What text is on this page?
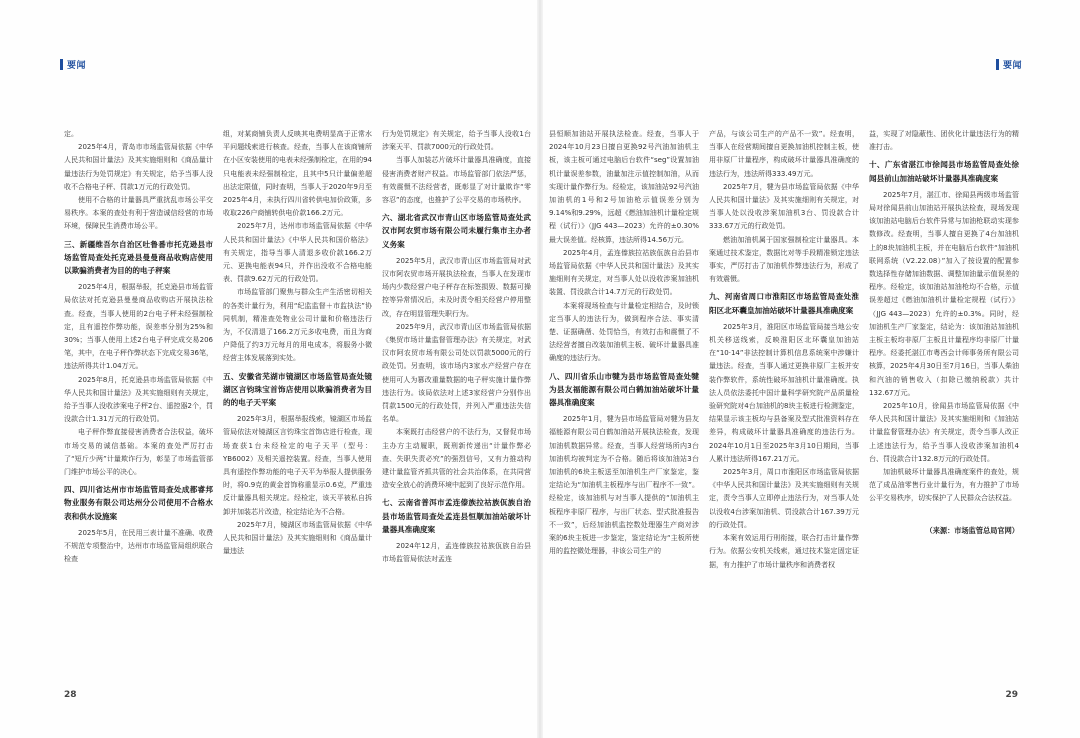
要闻
定。
2025年4月，青岛市市场监管局依据《中华人民共和国计量法》及其实施细则和《商品量计量违法行为处罚规定》有关规定，给予当事人没收不合格电子秤、罚款1万元的行政处罚。
使用不合格的计量器具严重扰乱市场公平交易秩序。本案的查处有利于营造诚信经营的市场环境，保障民生消费市场公平。
三、新疆维吾尔自治区吐鲁番市托克逊县市场监管局查处托克逊县曼曼商品收购店使用以欺骗消费者为目的的电子秤案
2025年4月，根据举报，托克逊县市场监管局依法对托克逊县曼曼商品收购店开展执法检查。经查，当事人使用的2台电子秤未经强制检定，且有遥控作弊功能，误差率分别为25%和30%；当事人使用上述2台电子秤完成交易206笔，其中，在电子秤作弊状态下完成交易36笔，违法所得共计1.04万元。
2025年8月，托克逊县市场监管局依据《中华人民共和国计量法》及其实施细则有关规定，给予当事人没收涉案电子秤2台、遥控器2个，罚没款合计1.31万元的行政处罚。
电子秤作弊直接侵害消费者合法权益，破坏市场交易的诚信基础。本案的查处严厉打击了“短斤少两”计量欺诈行为，彰显了市场监管部门维护市场公平的决心。
四、四川省达州市市场监管局查处成都睿邦物业服务有限公司达州分公司使用不合格水表和供水设施案
2025年5月，在民用三表计量不准确、收费不规范专项整治中，达州市市场监管局组织联合检查
组，对某商铺负责人反映其电费明显高于正常水平问题线索进行核查。经查，当事人在该商铺所在小区安装使用的电表未经强制检定，在用的94只电能表未经强制检定，且其中5只计量偏差超出法定限值，同时查明，当事人于2020年9月至2025年4月，未执行四川省转供电加价政策，多收取226户商铺转供电价款166.2万元。
2025年7月，达州市市场监管局依据《中华人民共和国计量法》《中华人民共和国价格法》有关规定，指导当事人清退多收价款166.2万元、更换电能表94只，并作出没收不合格电能表、罚款9.62万元的行政处罚。
市场监管部门聚焦与群众生产生活密切相关的各类计量行为，利用“纪监监督＋市监执法”协同机制，精准查处物业公司计量和价格违法行为，不仅清退了166.2万元多收电费，而且为商户降低了约3万元每月的用电成本，将服务小微经营主体发展落到实处。
五、安徽省芜湖市镜湖区市场监管局查处镜湖区言钧珠宝首饰店使用以欺骗消费者为目的的电子天平案
2025年3月，根据举报线索，镜湖区市场监管局依法对镜湖区言钧珠宝首饰店进行检查，现场查获1台未经检定的电子天平（型号：YB6002）及相关遥控装置。经查，当事人使用具有遥控作弊功能的电子天平为举报人提供服务时，将0.9克的黄金首饰称重显示0.6克，严重违反计量器具相关规定。经检定，该天平被私自拆卸并加装芯片改造，检定结论为不合格。
2025年7月，镜湖区市场监管局依据《中华人民共和国计量法》及其实施细则和《商品量计量违法
行为处罚规定》有关规定，给予当事人没收1台涉案天平、罚款7000元的行政处罚。
当事人加装芯片破坏计量器具准确度，直接侵害消费者财产权益。市场监管部门依法严惩，有效震慑不法经营者，既彰显了对计量欺诈“零容忍”的态度，也推护了公平交易的市场秩序。
六、湖北省武汉市青山区市场监管局查处武汉市阿农贸市场有限公司未履行集市主办者义务案
2025年5月，武汉市青山区市场监管局对武汉市阿农贸市场开展执法检查，当事人在发现市场内少数经营户电子秤存在标签损毁、数据可操控等异常情况后，未及时责令相关经营户停用整改，存在明显管理失职行为。
2025年9月，武汉市青山区市场监管局依据《集贸市场计量监督管理办法》有关规定，对武汉市阿农贸市场有限公司处以罚款5000元的行政处罚。另查明，该市场内3家水产经营户存在使用可人为篡改重量数据的电子秤实施计量作弊违法行为。该局依法对上述3家经营户分别作出罚款1500元的行政处罚，并列入严重违法失信名单。
本案既打击经营户的不法行为，又督促市场主办方主动履职，既刑新传递出“计量作弊必查、失职失责必究”的强烈信号，又有力推动构建计量监管齐抓共管的社会共治体系，在共同营造安全放心的消费环境中起到了良好示范作用。
七、云南省普洱市孟连傣族拉祜族佤族自治县市场监管局查处孟连县恒顺加油站破坏计量器具准确度案
2024年12月，孟连傣族拉祜族佤族自治县市场监管局依法对孟连
28
要闻
县恒顺加油站开展执法检查。经查，当事人于2024年10月23日擅自更换92号汽油加油机主板，该主板可通过电脑后台软件“seg”设置加油机计量误差参数，油量加注示值控制加油，从而实现计量作弊行为。经检定，该加油站92号汽油加油机的1号和2号加油枪示值误差分别为9.14%和9.29%，远超《燃油加油机计量检定规程（试行）》（JJG 443—2023）允许的±0.30%最大误差值。经核算，违法所得14.56万元。
2025年4月，孟连傣族拉祜族佤族自治县市场监管局依据《中华人民共和国计量法》及其实施细则有关规定，对当事人处以没收涉案加油机装置、罚没款合计14.7万元的行政处罚。
本案将现场检查与计量检定相结合，及时锁定当事人的违法行为，做到程序合法、事实清楚、证据确凿、处罚恰当，有效打击和震慑了不法经营者擅自改装加油机主板、破坏计量器具准确度的违法行为。
八、四川省乐山市犍为县市场监管局查处犍为县友福能源有限公司白鹤加油站破坏计量器具准确度案
2025年1月，犍为县市场监管局对犍为县友福能源有限公司白鹤加油站开展执法检查，发现加油机数据异常。经查，当事人经营场所内3台加油机均被判定为不合格。随后将该加油站3台加油机的6块主板送至加油机生产厂家鉴定，鉴定结论为“加油机主板程序与出厂程序不一致”。经检定，该加油机与对当事人提供的“加油机主板程序非原厂程序，与出厂状态、型式批准报告不一致”，后经加油机监控数处理器生产商对涉案的6块主板进一步鉴定，鉴定结论为“主板所使用的监控微处理器，非该公司生产的
产品，与该公司生产的产品不一致”。经查明，当事人在经营期间擅自更换加油机控制主板，使用非原厂计量程序，构成破坏计量器具准确度的违法行为，违法所得333.49万元。
2025年7月，犍为县市场监管局依据《中华人民共和国计量法》及其实施细则有关规定，对当事人处以没收涉案加油机3台、罚没款合计333.67万元的行政处罚。
燃油加油机属于国家强制检定计量器具。本案通过技术鉴定，数据比对等手段精准锁定违法事实，严厉打击了加油机作弊违法行为，形成了有效震慑。
九、河南省周口市淮阳区市场监管局查处淮阳区北环囊皇加油站破坏计量器具准确度案
2025年3月，淮阳区市场监管局接当地公安机关移送线索，反映淮阳区北环囊皇加油站在“10·14”非法控制计算机信息系统案中涉嫌计量违法。经查，当事人通过更换非原厂主板并安装作弊软件，系统性破坏加油机计量准确度。执法人员依法委托中国计量科学研究院产品质量检验研究院对4台加油机的8块主板进行检测鉴定，结果显示该主板均与县备案及型式批准资料存在差异，构成破坏计量器具准确度的违法行为。2024年10月1日至2025年3月10日期间，当事人累计违法所得167.21万元。
2025年3月，周口市淮阳区市场监管局依据《中华人民共和国计量法》及其实施细则有关规定，责令当事人立即停止违法行为，对当事人处以没收4台涉案加油机、罚没款合计167.39万元的行政处罚。
本案有效运用行刑衔接，联合打击计量作弊行为。依据公安机关线索，通过技术鉴定固定证据，有力推护了市场计量秩序和消费者权
益，实现了对隐蔽性、团伙化计量违法行为的精准打击。
十、广东省湛江市徐闻县市场监管局查处徐闻县前山加油站破坏计量器具准确度案
2025年7月，湛江市、徐闻县两级市场监管局对徐闻县前山加油站开展执法检查，现场发现该加油站电脑后台软件异常与加油枪联动实现参数修改。经查明，当事人擅自更换了4台加油机上的8块加油机主板，并在电脑后台软件“加油机联网系统（V2.22.08）”加入了按设置的配置参数选择性存储加油数据、调整加油量示值误差的程序。经检定，该加油站加油枪均不合格，示值误差超过《燃油加油机计量检定规程（试行）》（JJG 443—2023）允许的±0.3%。同时，经加油机生产厂家鉴定，结论为：该加油站加油机主板主板均非原厂主板且计量程序均非原厂计量程序。经委托湛江市粤西会计师事务所有限公司核算，2025年4月30日至7月16日，当事人柴油和汽油的销售收入（扣除已缴纳税款）共计132.67万元。
2025年10月，徐闻县市场监管局依据《中华人民共和国计量法》及其实施细则和《加油站计量监督管理办法》有关规定，责令当事人改正上述违法行为，给予当事人没收涉案加油机4台、罚没款合计132.8万元的行政处罚。
加油机破坏计量器具准确度案件的查处，规范了成品油零售行业计量行为，有力推护了市场公平交易秩序，切实保护了人民群众合法权益。
（来源：市场监管总局官网）
29
